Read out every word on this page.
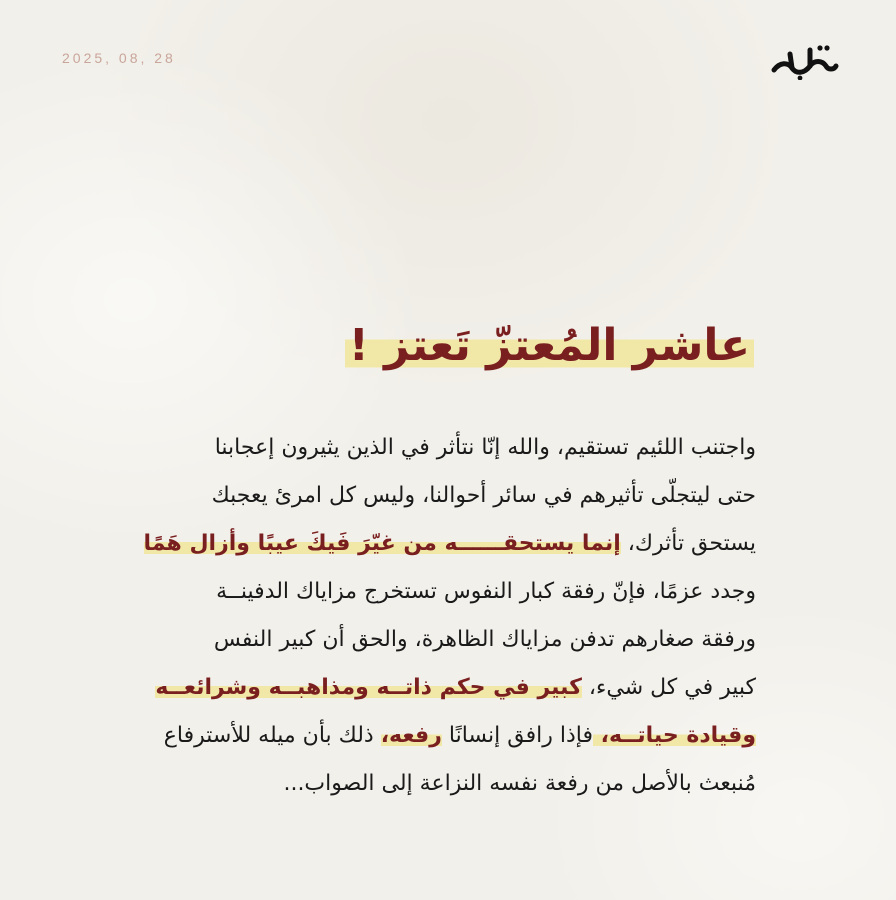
2025, 08, 28
عاشر المُعتزّ تَعتز !
واجتنب اللئيم تستقيم، والله إنّا نتأثر في الذين يثيرون إعجابنا
حتى ليتجلّى تأثيرهم في سائر أحوالنا، وليس كل امرئ يعجبك
يستحق تأثرك، إنما يستحقــــــه من غيّرَ فَيكَ عيبًا وأزال هَمًا
وجدد عزمًا، فإنّ رفقة كبار النفوس تستخرج مزاياك الدفينــة
ورفقة صغارهم تدفن مزاياك الظاهرة، والحق أن كبير النفس
كبير في كل شيء، كبير في حكم ذاتــه ومذاهبــه وشرائعــه
وقيادة حياتــه، فإذا رافق إنسانًا رفعه، ذلك بأن ميله للأسترفاع
مُنبعث بالأصل من رفعة نفسه النزاعة إلى الصواب...
